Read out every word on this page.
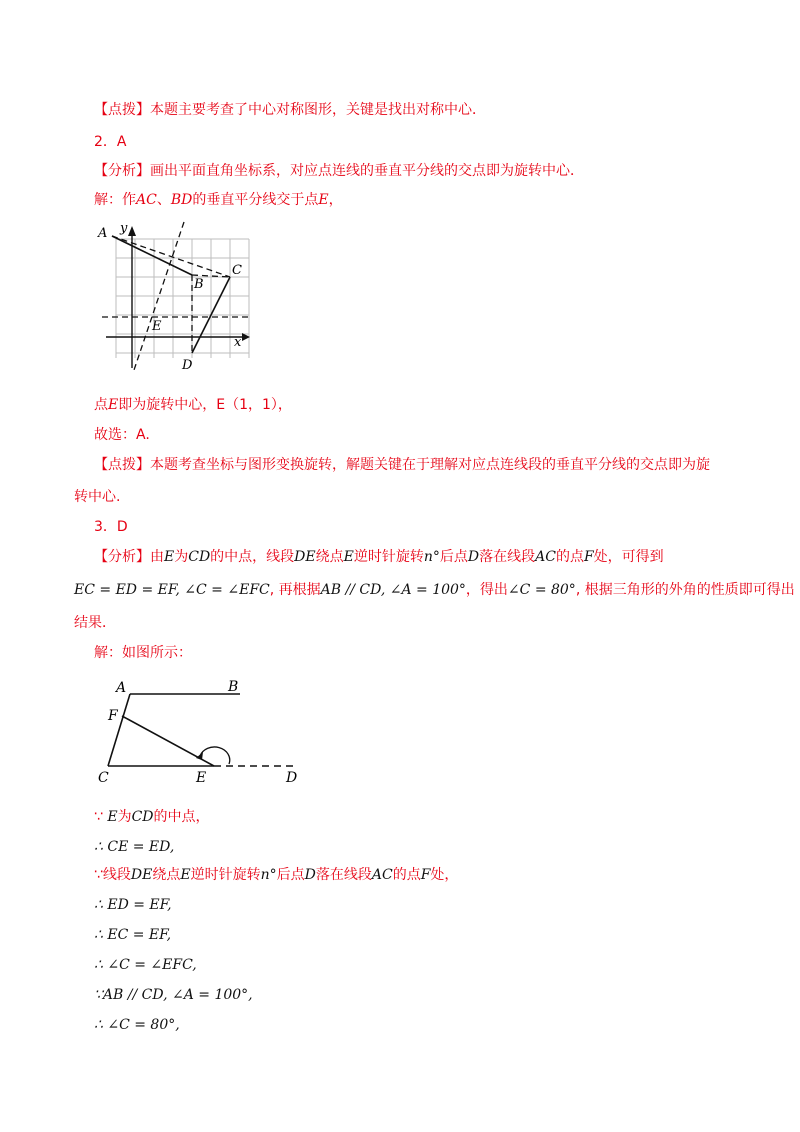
【点拨】本题主要考查了中心对称图形，关键是找出对称中心．
2．A
【分析】画出平面直角坐标系，对应点连线的垂直平分线的交点即为旋转中心．
解：作AC、BD的垂直平分线交于点E，
A y
C
B
E
D
x
点E即为旋转中心，E（1，1），
故选：A.
【点拨】本题考查坐标与图形变换旋转，解题关键在于理解对应点连线段的垂直平分线的交点即为旋
转中心.
3．D
【分析】由E为CD的中点，线段DE绕点E逆时针旋转n°后点D落在线段AC的点F处，可得到
EC = ED = EF, ∠C = ∠EFC, 再根据AB // CD, ∠A = 100°，得出∠C = 80°, 根据三角形的外角的性质即可得出
结果．
解：如图所示：
A	B
F
C	E	D
∵ E为CD的中点，
∴ CE = ED,
∵线段DE绕点E逆时针旋转n°后点D落在线段AC的点F处，
∴ ED = EF,
∴ EC = EF,
∴ ∠C = ∠EFC,
∵AB // CD, ∠A = 100°,
∴ ∠C = 80°,
